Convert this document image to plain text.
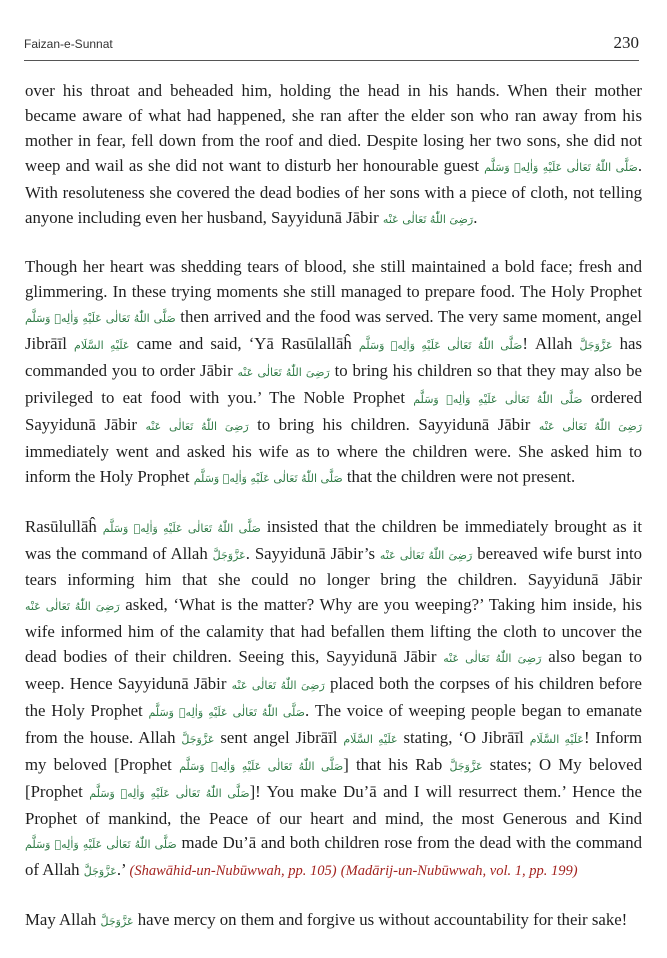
Faizan-e-Sunnat	230

over his throat and beheaded him, holding the head in his hands. When their mother became aware of what had happened, she ran after the elder son who ran away from his mother in fear, fell down from the roof and died. Despite losing her two sons, she did not weep and wail as she did not want to disturb her honourable guest صَلَّى اللّٰهُ تَعَالٰى عَلَيْهِ وَاٰلِهٖ وَسَلَّم. With resoluteness she covered the dead bodies of her sons with a piece of cloth, not telling anyone including even her husband, Sayyidunā Jābir رَضِىَ اللّٰهُ تَعَالٰى عَنْه.

Though her heart was shedding tears of blood, she still maintained a bold face; fresh and glimmering. In these trying moments she still managed to prepare food. The Holy Prophet صَلَّى اللّٰهُ تَعَالٰى عَلَيْهِ وَاٰلِهٖ وَسَلَّم then arrived and the food was served. The very same moment, angel Jibrāīl عَلَيْهِ السَّلَام came and said, ‘Yā Rasūlallāĥ صَلَّى اللّٰهُ تَعَالٰى عَلَيْهِ وَاٰلِهٖ وَسَلَّم! Allah عَزَّوَجَلَّ has commanded you to order Jābir رَضِىَ اللّٰهُ تَعَالٰى عَنْه to bring his children so that they may also be privileged to eat food with you.’ The Noble Prophet صَلَّى اللّٰهُ تَعَالٰى عَلَيْهِ وَاٰلِهٖ وَسَلَّم ordered Sayyidunā Jābir رَضِىَ اللّٰهُ تَعَالٰى عَنْه to bring his children. Sayyidunā Jābir رَضِىَ اللّٰهُ تَعَالٰى عَنْه immediately went and asked his wife as to where the children were. She asked him to inform the Holy Prophet صَلَّى اللّٰهُ تَعَالٰى عَلَيْهِ وَاٰلِهٖ وَسَلَّم that the children were not present.

Rasūlullāĥ صَلَّى اللّٰهُ تَعَالٰى عَلَيْهِ وَاٰلِهٖ وَسَلَّم insisted that the children be immediately brought as it was the command of Allah عَزَّوَجَلَّ. Sayyidunā Jābir’s رَضِىَ اللّٰهُ تَعَالٰى عَنْه bereaved wife burst into tears informing him that she could no longer bring the children. Sayyidunā Jābir رَضِىَ اللّٰهُ تَعَالٰى عَنْه asked, ‘What is the matter? Why are you weeping?’ Taking him inside, his wife informed him of the calamity that had befallen them lifting the cloth to uncover the dead bodies of their children. Seeing this, Sayyidunā Jābir رَضِىَ اللّٰهُ تَعَالٰى عَنْه also began to weep. Hence Sayyidunā Jābir رَضِىَ اللّٰهُ تَعَالٰى عَنْه placed both the corpses of his children before the Holy Prophet صَلَّى اللّٰهُ تَعَالٰى عَلَيْهِ وَاٰلِهٖ وَسَلَّم. The voice of weeping people began to emanate from the house. Allah عَزَّوَجَلَّ sent angel Jibrāīl عَلَيْهِ السَّلَام stating, ‘O Jibrāīl عَلَيْهِ السَّلَام! Inform my beloved [Prophet صَلَّى اللّٰهُ تَعَالٰى عَلَيْهِ وَاٰلِهٖ وَسَلَّم] that his Rab عَزَّوَجَلَّ states; O My beloved [Prophet صَلَّى اللّٰهُ تَعَالٰى عَلَيْهِ وَاٰلِهٖ وَسَلَّم]! You make Du’ā and I will resurrect them.’ Hence the Prophet of mankind, the Peace of our heart and mind, the most Generous and Kind صَلَّى اللّٰهُ تَعَالٰى عَلَيْهِ وَاٰلِهٖ وَسَلَّم made Du’ā and both children rose from the dead with the command of Allah عَزَّوَجَلَّ.’ (Shawāhid-un-Nubūwwah, pp. 105) (Madārij-un-Nubūwwah, vol. 1, pp. 199)

May Allah عَزَّوَجَلَّ have mercy on them and forgive us without accountability for their sake!
